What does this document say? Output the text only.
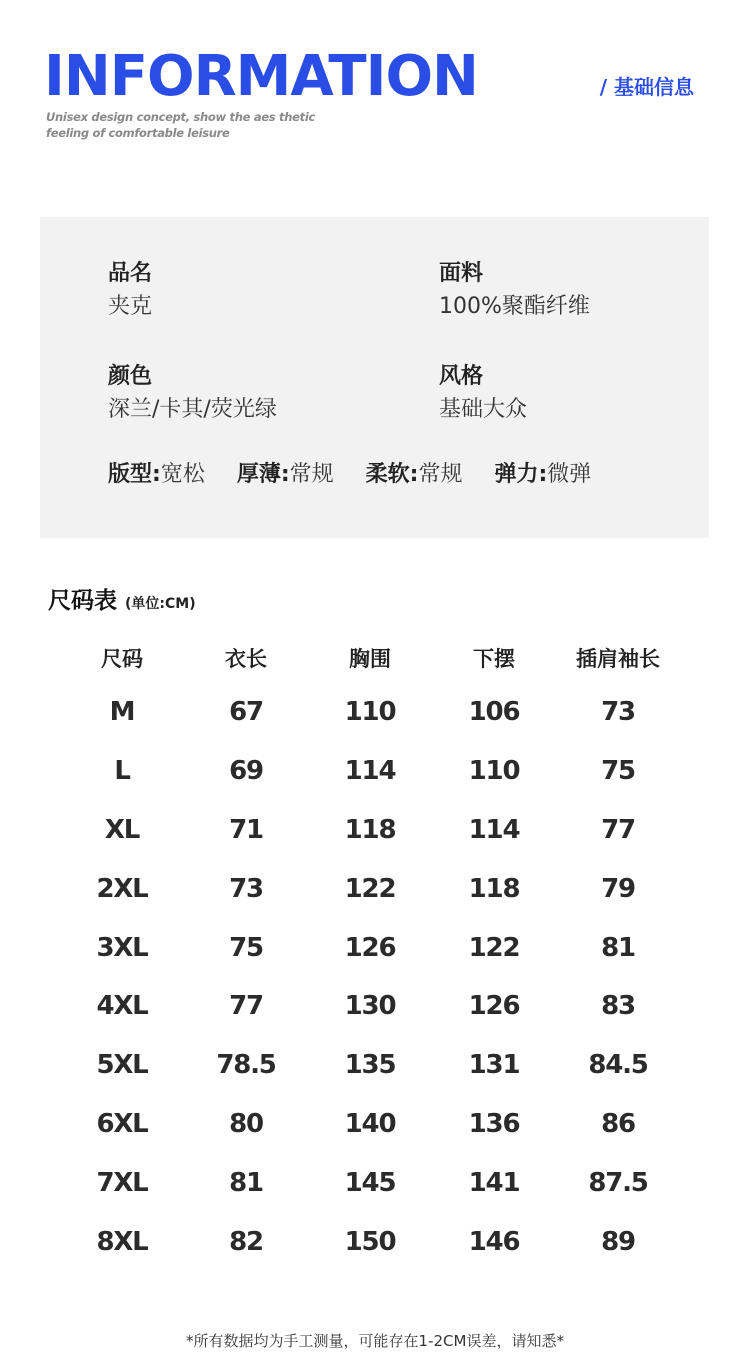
INFORMATION
Unisex design concept, show the aes thetic
feeling of comfortable leisure
/ 基础信息
品名
夹克
面料
100%聚酯纤维
颜色
深兰/卡其/荧光绿
风格
基础大众
版型:宽松 厚薄:常规 柔软:常规 弹力:微弹
尺码表 (单位:CM)
尺码	衣长	胸围	下摆	插肩袖长
M	67	110	106	73
L	69	114	110	75
XL	71	118	114	77
2XL	73	122	118	79
3XL	75	126	122	81
4XL	77	130	126	83
5XL	78.5	135	131	84.5
6XL	80	140	136	86
7XL	81	145	141	87.5
8XL	82	150	146	89
*所有数据均为手工测量，可能存在1-2CM误差，请知悉*
